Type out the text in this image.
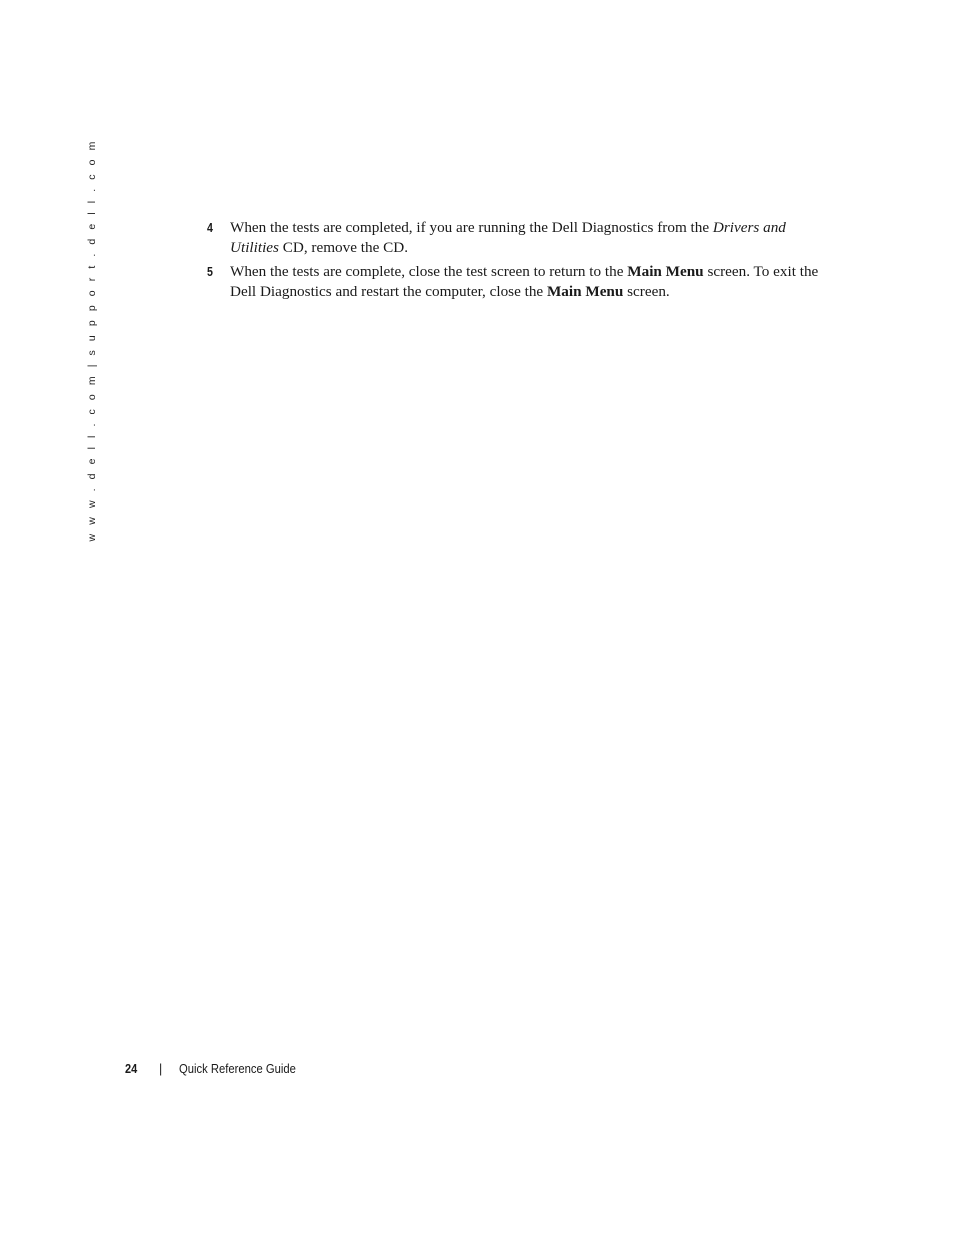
w w w . d e l l . c o m | s u p p o r t . d e l l . c o m	4 When the tests are completed, if you are running the Dell Diagnostics from the Drivers and Utilities CD, remove the CD.
5 When the tests are complete, close the test screen to return to the Main Menu screen. To exit the Dell Diagnostics and restart the computer, close the Main Menu screen.
24 | Quick Reference Guide
